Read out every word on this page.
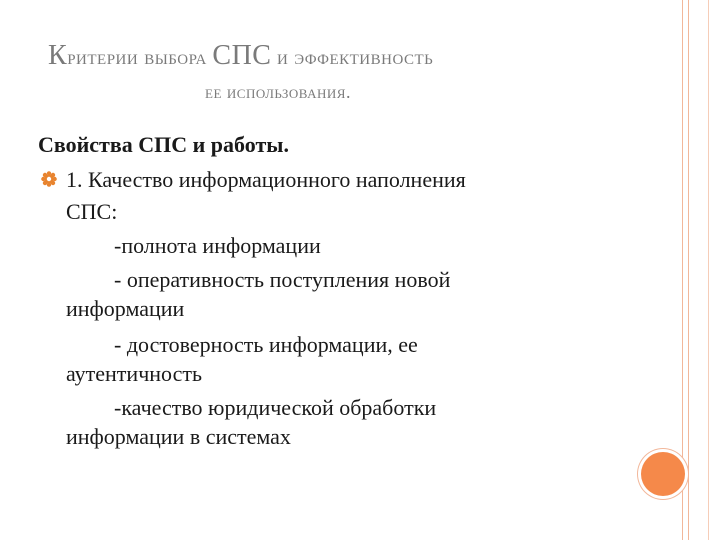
Критерии выбора СПС и эффективность
ее использования.
Свойства СПС и работы.
1. Качество информационного наполнения
СПС:
-полнота информации
- оперативность поступления новой
информации
- достоверность информации, ее
аутентичность
-качество юридической обработки
информации в системах
